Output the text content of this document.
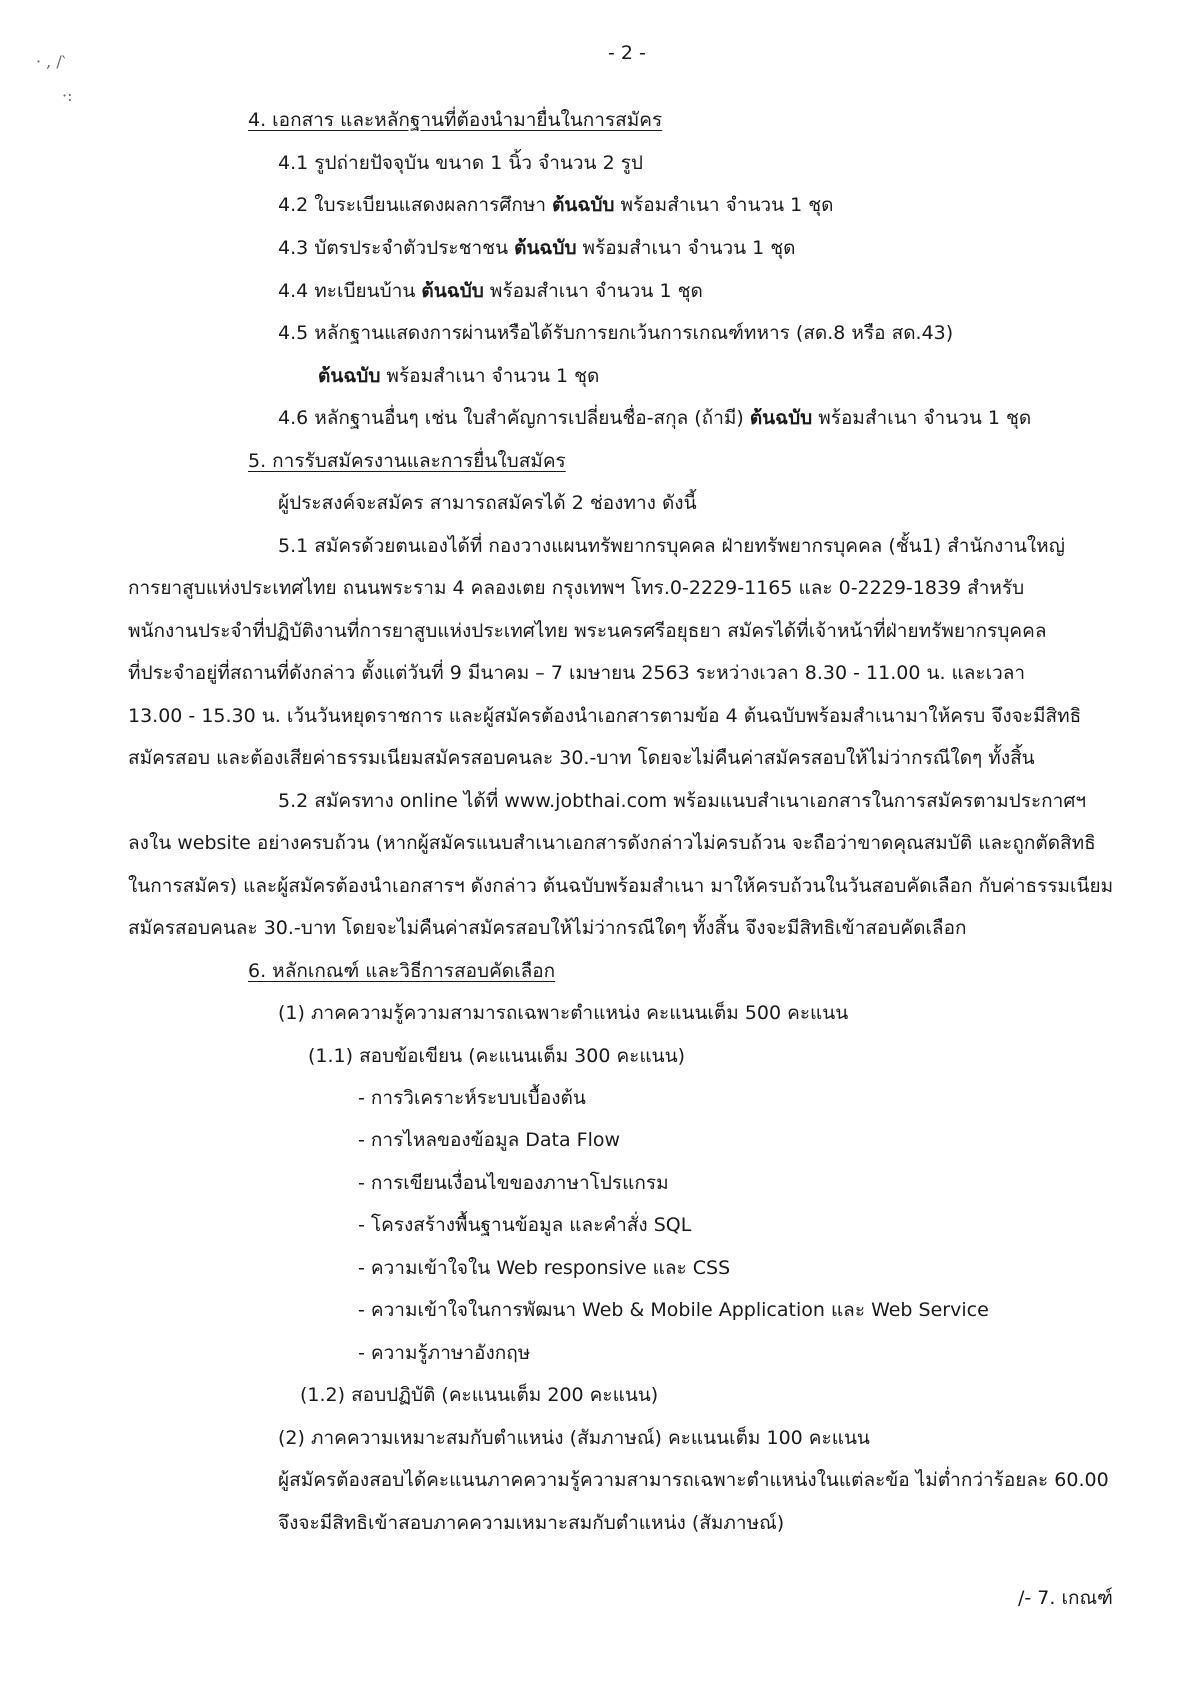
· , /‵
·:
- 2 -
4. เอกสาร และหลักฐานที่ต้องนำมายื่นในการสมัคร
4.1 รูปถ่ายปัจจุบัน ขนาด 1 นิ้ว จำนวน 2 รูป
4.2 ใบระเบียนแสดงผลการศึกษา ต้นฉบับ พร้อมสำเนา จำนวน 1 ชุด
4.3 บัตรประจำตัวประชาชน ต้นฉบับ พร้อมสำเนา จำนวน 1 ชุด
4.4 ทะเบียนบ้าน ต้นฉบับ พร้อมสำเนา จำนวน 1 ชุด
4.5 หลักฐานแสดงการผ่านหรือได้รับการยกเว้นการเกณฑ์ทหาร (สด.8 หรือ สด.43)
ต้นฉบับ พร้อมสำเนา จำนวน 1 ชุด
4.6 หลักฐานอื่นๆ เช่น ใบสำคัญการเปลี่ยนชื่อ-สกุล (ถ้ามี) ต้นฉบับ พร้อมสำเนา จำนวน 1 ชุด
5. การรับสมัครงานและการยื่นใบสมัคร
ผู้ประสงค์จะสมัคร สามารถสมัครได้ 2 ช่องทาง ดังนี้
5.1 สมัครด้วยตนเองได้ที่ กองวางแผนทรัพยากรบุคคล ฝ่ายทรัพยากรบุคคล (ชั้น1) สำนักงานใหญ่
การยาสูบแห่งประเทศไทย ถนนพระราม 4 คลองเตย กรุงเทพฯ โทร.0-2229-1165 และ 0-2229-1839 สำหรับ
พนักงานประจำที่ปฏิบัติงานที่การยาสูบแห่งประเทศไทย พระนครศรีอยุธยา สมัครได้ที่เจ้าหน้าที่ฝ่ายทรัพยากรบุคคล
ที่ประจำอยู่ที่สถานที่ดังกล่าว ตั้งแต่วันที่ 9 มีนาคม – 7 เมษายน 2563 ระหว่างเวลา 8.30 - 11.00 น. และเวลา
13.00 - 15.30 น. เว้นวันหยุดราชการ และผู้สมัครต้องนำเอกสารตามข้อ 4 ต้นฉบับพร้อมสำเนามาให้ครบ จึงจะมีสิทธิ
สมัครสอบ และต้องเสียค่าธรรมเนียมสมัครสอบคนละ 30.-บาท โดยจะไม่คืนค่าสมัครสอบให้ไม่ว่ากรณีใดๆ ทั้งสิ้น
5.2 สมัครทาง online ได้ที่ www.jobthai.com พร้อมแนบสำเนาเอกสารในการสมัครตามประกาศฯ
ลงใน website อย่างครบถ้วน (หากผู้สมัครแนบสำเนาเอกสารดังกล่าวไม่ครบถ้วน จะถือว่าขาดคุณสมบัติ และถูกตัดสิทธิ
ในการสมัคร) และผู้สมัครต้องนำเอกสารฯ ดังกล่าว ต้นฉบับพร้อมสำเนา มาให้ครบถ้วนในวันสอบคัดเลือก กับค่าธรรมเนียม
สมัครสอบคนละ 30.-บาท โดยจะไม่คืนค่าสมัครสอบให้ไม่ว่ากรณีใดๆ ทั้งสิ้น จึงจะมีสิทธิเข้าสอบคัดเลือก
6. หลักเกณฑ์ และวิธีการสอบคัดเลือก
(1) ภาคความรู้ความสามารถเฉพาะตำแหน่ง คะแนนเต็ม 500 คะแนน
(1.1) สอบข้อเขียน (คะแนนเต็ม 300 คะแนน)
- การวิเคราะห์ระบบเบื้องต้น
- การไหลของข้อมูล Data Flow
- การเขียนเงื่อนไขของภาษาโปรแกรม
- โครงสร้างพื้นฐานข้อมูล และคำสั่ง SQL
- ความเข้าใจใน Web responsive และ CSS
- ความเข้าใจในการพัฒนา Web & Mobile Application และ Web Service
- ความรู้ภาษาอังกฤษ
(1.2) สอบปฏิบัติ (คะแนนเต็ม 200 คะแนน)
(2) ภาคความเหมาะสมกับตำแหน่ง (สัมภาษณ์) คะแนนเต็ม 100 คะแนน
ผู้สมัครต้องสอบได้คะแนนภาคความรู้ความสามารถเฉพาะตำแหน่งในแต่ละข้อ ไม่ต่ำกว่าร้อยละ 60.00
จึงจะมีสิทธิเข้าสอบภาคความเหมาะสมกับตำแหน่ง (สัมภาษณ์)
/- 7. เกณฑ์
